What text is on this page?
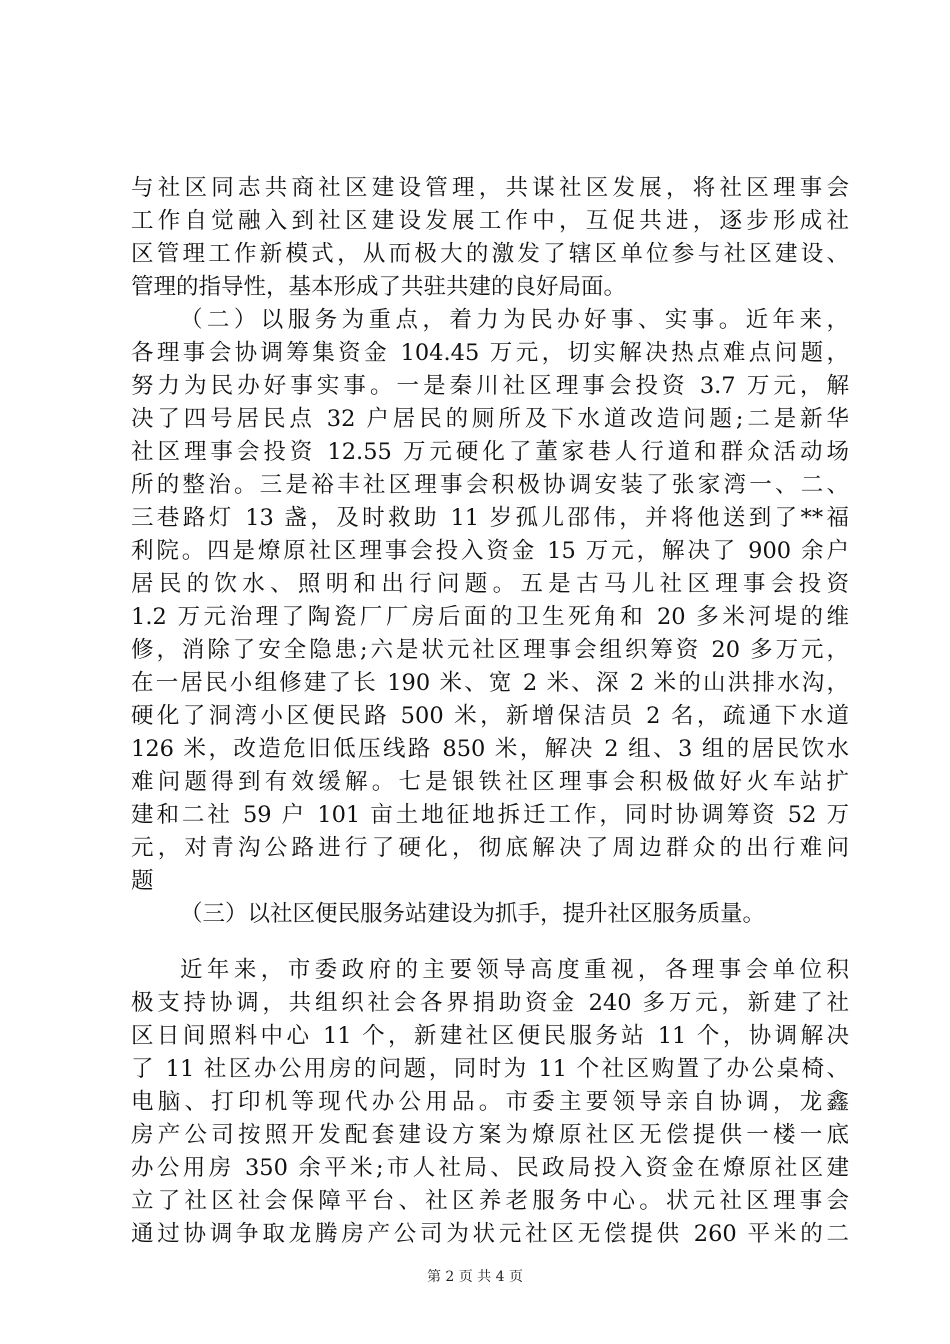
与社区同志共商社区建设管理，共谋社区发展，将社区理事会
工作自觉融入到社区建设发展工作中，互促共进，逐步形成社
区管理工作新模式，从而极大的激发了辖区单位参与社区建设、
管理的指导性，基本形成了共驻共建的良好局面。
（二）以服务为重点，着力为民办好事、实事。近年来，
各理事会协调筹集资金 104.45 万元，切实解决热点难点问题，
努力为民办好事实事。一是秦川社区理事会投资 3.7 万元，解
决了四号居民点 32 户居民的厕所及下水道改造问题;二是新华
社区理事会投资 12.55 万元硬化了董家巷人行道和群众活动场
所的整治。三是裕丰社区理事会积极协调安装了张家湾一、二、
三巷路灯 13 盏，及时救助 11 岁孤儿邵伟，并将他送到了**福
利院。四是燎原社区理事会投入资金 15 万元，解决了 900 余户
居民的饮水、照明和出行问题。五是古马儿社区理事会投资
1.2 万元治理了陶瓷厂厂房后面的卫生死角和 20 多米河堤的维
修，消除了安全隐患;六是状元社区理事会组织筹资 20 多万元，
在一居民小组修建了长 190 米、宽 2 米、深 2 米的山洪排水沟，
硬化了洞湾小区便民路 500 米，新增保洁员 2 名，疏通下水道
126 米，改造危旧低压线路 850 米，解决 2 组、3 组的居民饮水
难问题得到有效缓解。七是银铁社区理事会积极做好火车站扩
建和二社 59 户 101 亩土地征地拆迁工作，同时协调筹资 52 万
元，对青沟公路进行了硬化，彻底解决了周边群众的出行难问
题
（三）以社区便民服务站建设为抓手，提升社区服务质量。
近年来，市委政府的主要领导高度重视，各理事会单位积
极支持协调，共组织社会各界捐助资金 240 多万元，新建了社
区日间照料中心 11 个，新建社区便民服务站 11 个，协调解决
了 11 社区办公用房的问题，同时为 11 个社区购置了办公桌椅、
电脑、打印机等现代办公用品。市委主要领导亲自协调，龙鑫
房产公司按照开发配套建设方案为燎原社区无偿提供一楼一底
办公用房 350 余平米;市人社局、民政局投入资金在燎原社区建
立了社区社会保障平台、社区养老服务中心。状元社区理事会
通过协调争取龙腾房产公司为状元社区无偿提供 260 平米的二
第 2 页 共 4 页
